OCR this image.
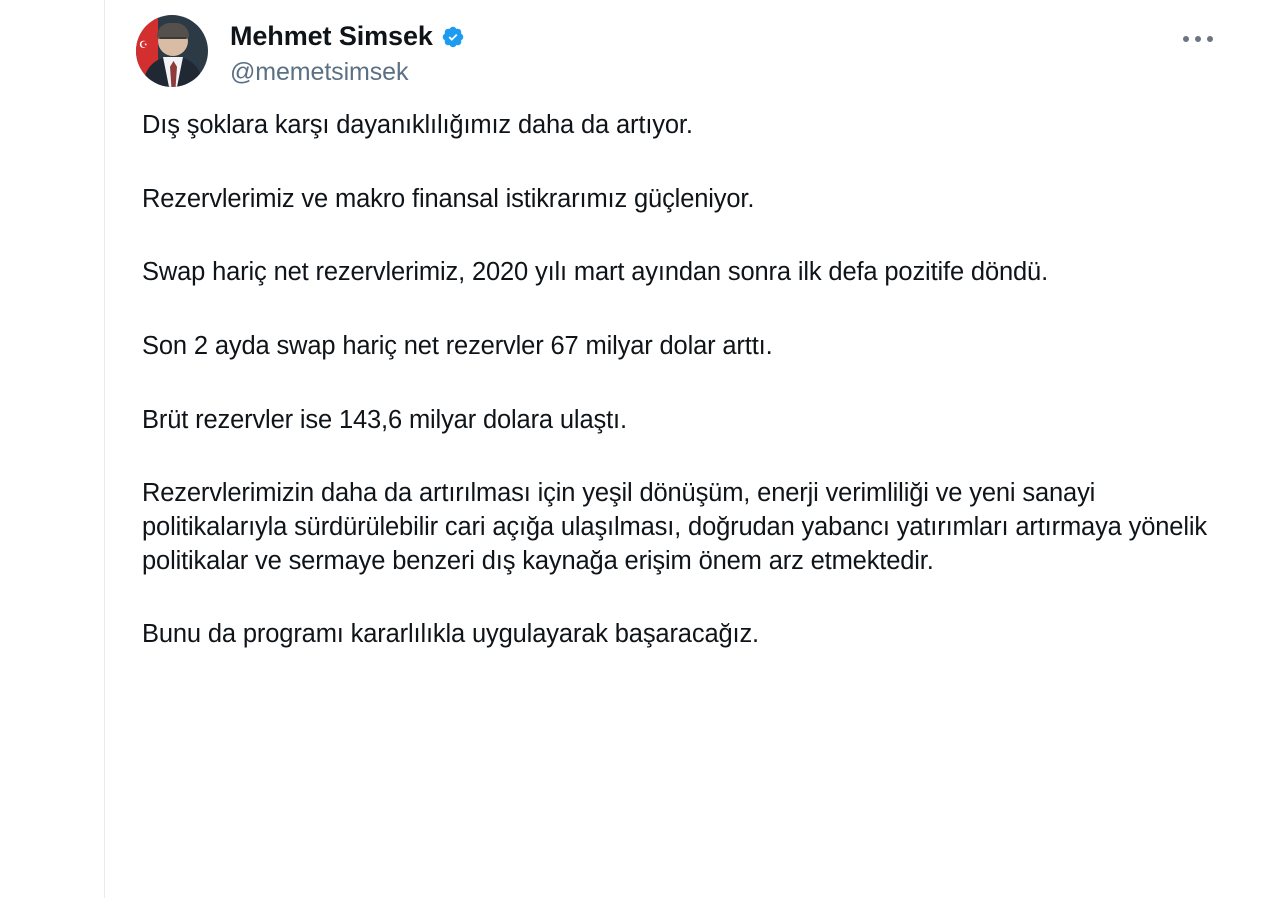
☪	Mehmet Simsek
@memetsimsek

Dış şoklara karşı dayanıklılığımız daha da artıyor.

Rezervlerimiz ve makro finansal istikrarımız güçleniyor.

Swap hariç net rezervlerimiz, 2020 yılı mart ayından sonra ilk defa pozitife döndü.

Son 2 ayda swap hariç net rezervler 67 milyar dolar arttı.

Brüt rezervler ise 143,6 milyar dolara ulaştı.

Rezervlerimizin daha da artırılması için yeşil dönüşüm, enerji verimliliği ve yeni sanayi politikalarıyla sürdürülebilir cari açığa ulaşılması, doğrudan yabancı yatırımları artırmaya yönelik politikalar ve sermaye benzeri dış kaynağa erişim önem arz etmektedir.

Bunu da programı kararlılıkla uygulayarak başaracağız.
